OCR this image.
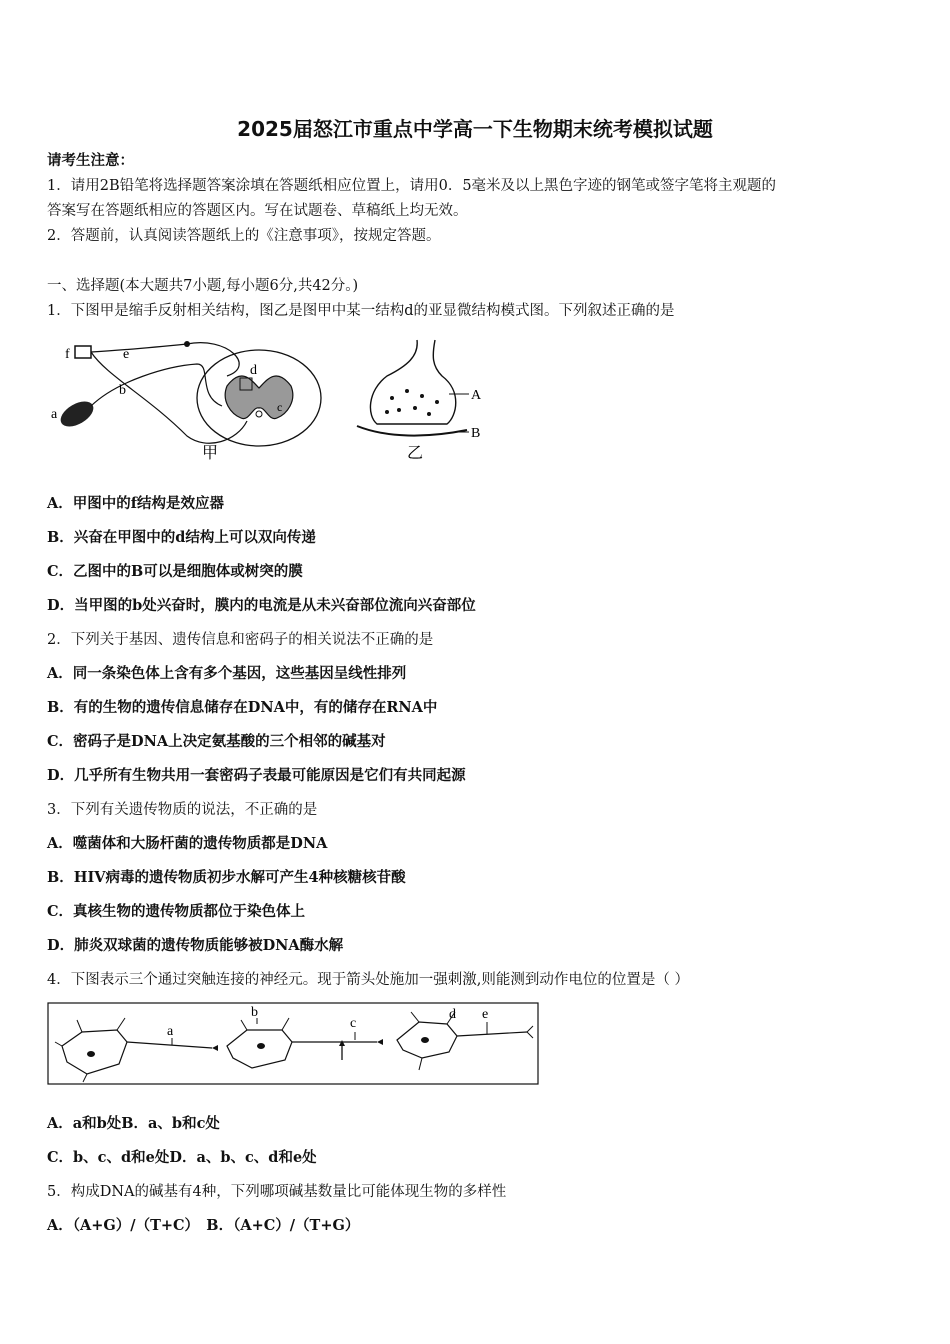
2025届怒江市重点中学高一下生物期末统考模拟试题
请考生注意：
1．请用2B铅笔将选择题答案涂填在答题纸相应位置上，请用0．5毫米及以上黑色字迹的钢笔或签字笔将主观题的
答案写在答题纸相应的答题区内。写在试题卷、草稿纸上均无效。
2．答题前，认真阅读答题纸上的《注意事项》，按规定答题。
一、选择题(本大题共7小题,每小题6分,共42分。)
1．下图甲是缩手反射相关结构，图乙是图甲中某一结构d的亚显微结构模式图。下列叙述正确的是
f	e
b
a
d
c
甲
A
B
乙
A．甲图中的f结构是效应器
B．兴奋在甲图中的d结构上可以双向传递
C．乙图中的B可以是细胞体或树突的膜
D．当甲图的b处兴奋时，膜内的电流是从未兴奋部位流向兴奋部位
2．下列关于基因、遗传信息和密码子的相关说法不正确的是
A．同一条染色体上含有多个基因，这些基因呈线性排列
B．有的生物的遗传信息储存在DNA中，有的储存在RNA中
C．密码子是DNA上决定氨基酸的三个相邻的碱基对
D．几乎所有生物共用一套密码子表最可能原因是它们有共同起源
3．下列有关遗传物质的说法，不正确的是
A．噬菌体和大肠杆菌的遗传物质都是DNA
B．HIV病毒的遗传物质初步水解可产生4种核糖核苷酸
C．真核生物的遗传物质都位于染色体上
D．肺炎双球菌的遗传物质能够被DNA酶水解
4．下图表示三个通过突触连接的神经元。现于箭头处施加一强刺激,则能测到动作电位的位置是（ ）
a
b
c
d e
A．a和b处B．a、b和c处
C．b、c、d和e处D．a、b、c、d和e处
5．构成DNA的碱基有4种，下列哪项碱基数量比可能体现生物的多样性
A．（A+G）/（T+C）　B．（A+C）/（T+G）
